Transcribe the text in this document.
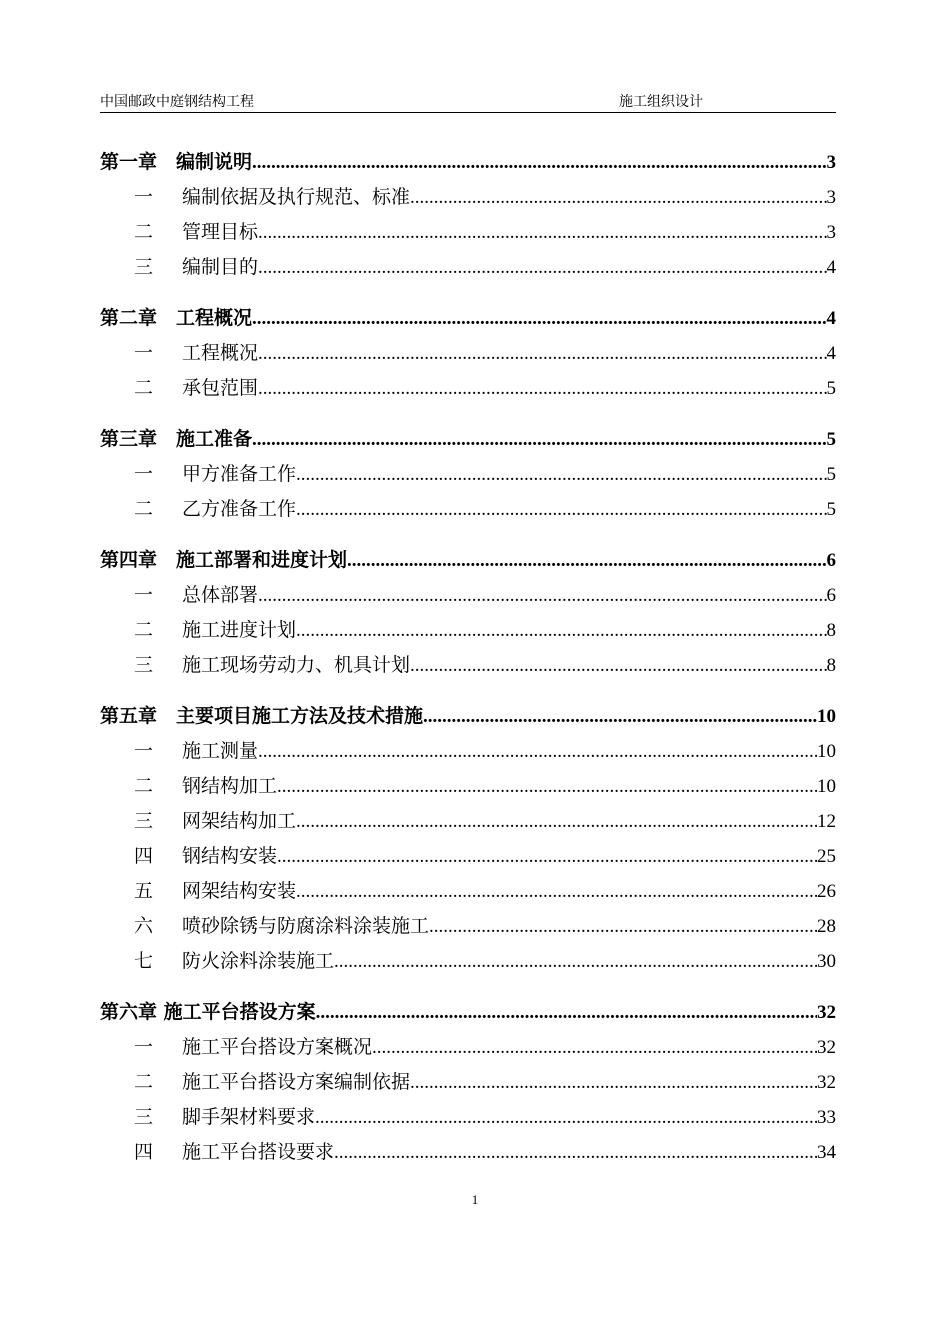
中国邮政中庭钢结构工程	施工组织设计
第一章　 编制说明 .....	3
一	编制依据及执行规范、标准 .....	3
二	管理目标 .....	3
三	编制目的 .....	4
第二章　 工程概况 .....	4
一	工程概况 .....	4
二	承包范围 .....	5
第三章　 施工准备 .....	5
一	甲方准备工作 .....	5
二	乙方准备工作 .....	5
第四章　 施工部署和进度计划 .....	6
一	总体部署 .....	6
二	施工进度计划 .....	8
三	施工现场劳动力、机具计划 .....	8
第五章　 主要项目施工方法及技术措施 .....	10
一	施工测量 .....	10
二	钢结构加工 .....	10
三	网架结构加工 .....	12
四	钢结构安装 .....	25
五	网架结构安装 .....	26
六	喷砂除锈与防腐涂料涂装施工 .....	28
七	防火涂料涂装施工 .....	30
第六章 施工平台搭设方案 .....	32
一	施工平台搭设方案概况 .....	32
二	施工平台搭设方案编制依据 .....	32
三	脚手架材料要求 .....	33
四	施工平台搭设要求 .....	34
1
